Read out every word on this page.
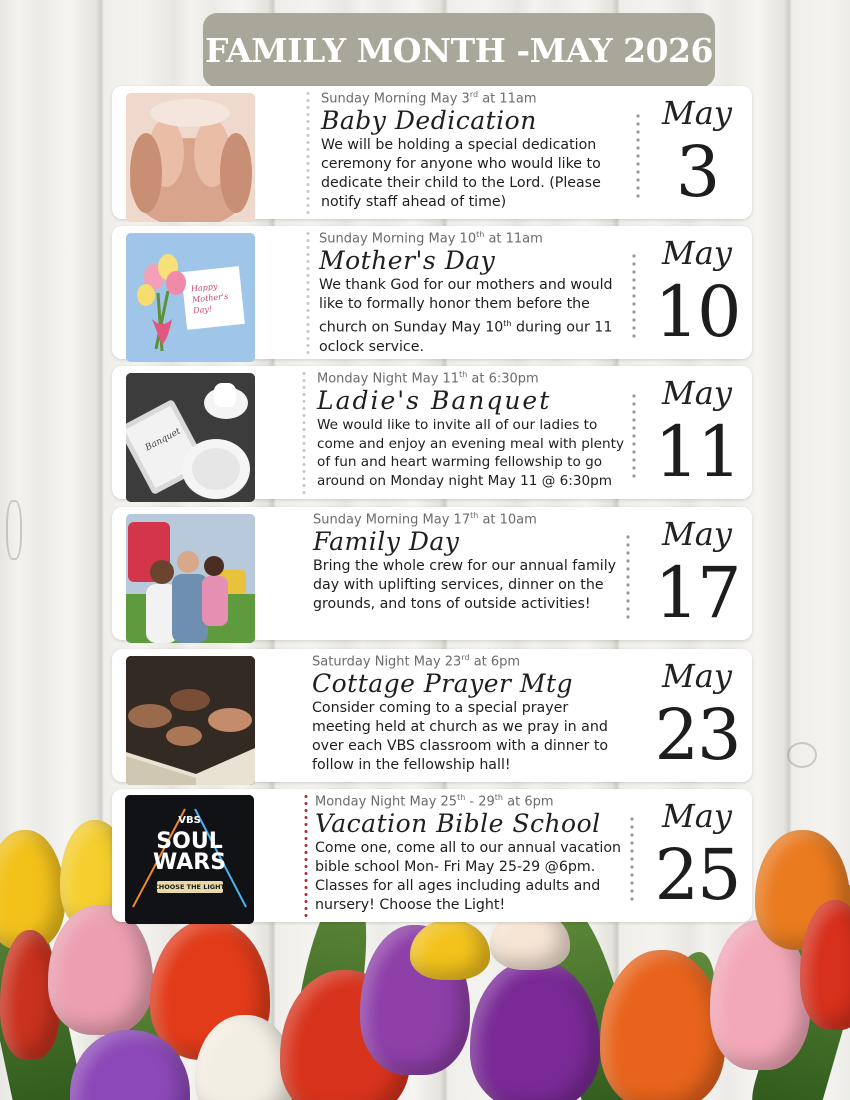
FAMILY MONTH -MAY 2026
Sunday Morning May 3rd at 11am
Baby Dedication
We will be holding a special dedication ceremony for anyone who would like to dedicate their child to the Lord. (Please notify staff ahead of time)
May
3
Happy Mother's Day!
Sunday Morning May 10th at 11am
Mother's Day
We thank God for our mothers and would like to formally honor them before the church on Sunday May 10th during our 11 oclock service.
May
10
Banquet
Monday Night May 11th at 6:30pm
Ladie's Banquet
We would like to invite all of our ladies to come and enjoy an evening meal with plenty of fun and heart warming fellowship to go around on Monday night May 11 @ 6:30pm
May
11
Sunday Morning May 17th at 10am
Family Day
Bring the whole crew for our annual family day with uplifting services, dinner on the grounds, and tons of outside activities!
May
17
Saturday Night May 23rd at 6pm
Cottage Prayer Mtg
Consider coming to a special prayer meeting held at church as we pray in and over each VBS classroom with a dinner to follow in the fellowship hall!
May
23
VBS
SOUL
WARS
CHOOSE THE LIGHT
Monday Night May 25th - 29th at 6pm
Vacation Bible School
Come one, come all to our annual vacation bible school Mon- Fri May 25-29 @6pm. Classes for all ages including adults and nursery! Choose the Light!
May
25
